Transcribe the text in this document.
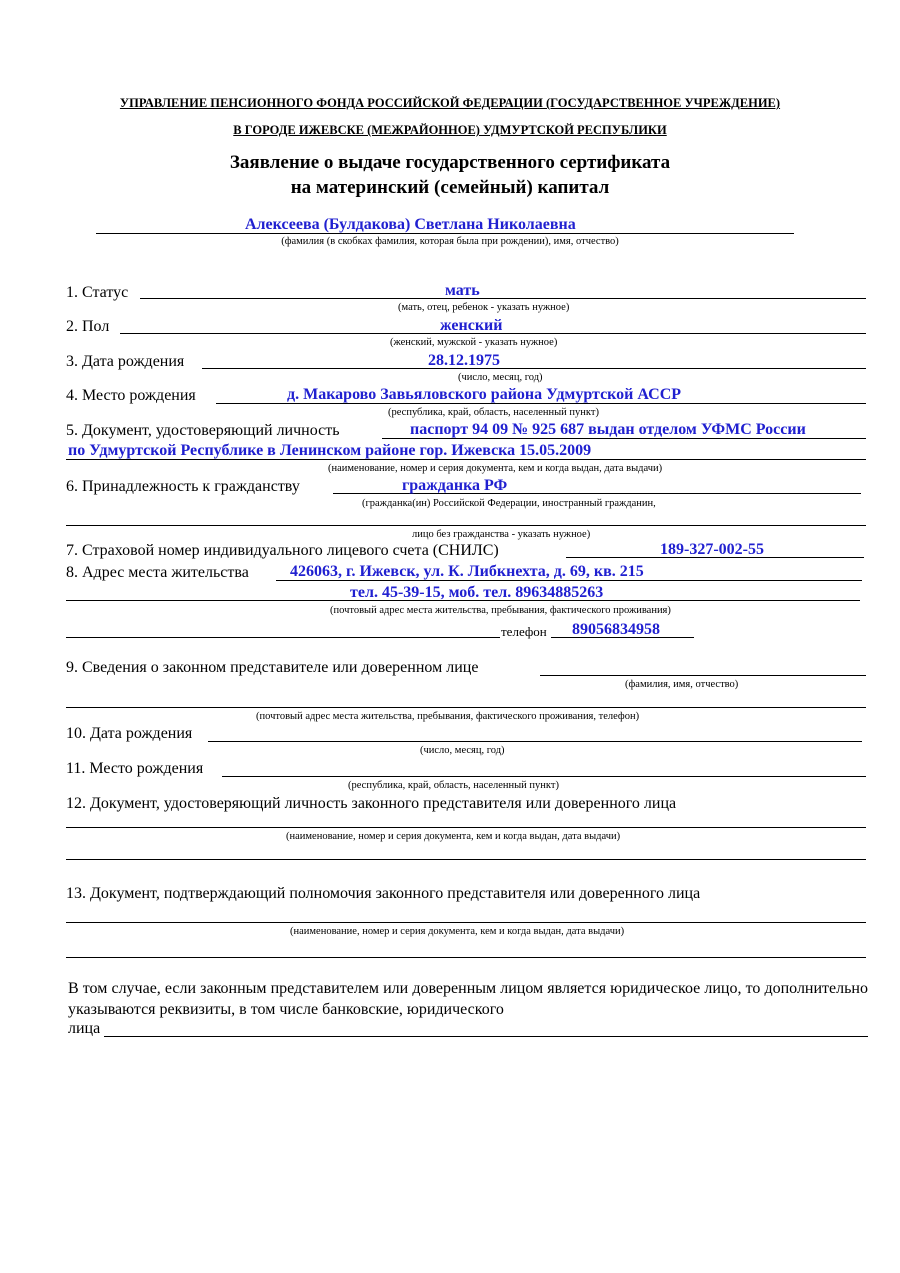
УПРАВЛЕНИЕ ПЕНСИОННОГО ФОНДА РОССИЙСКОЙ ФЕДЕРАЦИИ (ГОСУДАРСТВЕННОЕ УЧРЕЖДЕНИЕ)
В ГОРОДЕ ИЖЕВСКЕ (МЕЖРАЙОННОЕ) УДМУРТСКОЙ РЕСПУБЛИКИ
Заявление о выдаче государственного сертификата
на материнский (семейный) капитал
Алексеева (Булдакова) Светлана Николаевна
(фамилия (в скобках фамилия, которая была при рождении), имя, отчество)
1. Статус	мать
(мать, отец, ребенок - указать нужное)
2. Пол	женский
(женский, мужской - указать нужное)
3. Дата рождения	28.12.1975
(число, месяц, год)
4. Место рождения	д. Макарово Завьяловского района Удмуртской АССР
(республика, край, область, населенный пункт)
5. Документ, удостоверяющий личность	паспорт 94 09 № 925 687 выдан отделом УФМС России
по Удмуртской Республике в Ленинском районе гор. Ижевска 15.05.2009
(наименование, номер и серия документа, кем и когда выдан, дата выдачи)
6. Принадлежность к гражданству	гражданка РФ
(гражданка(ин) Российской Федерации, иностранный гражданин,
лицо без гражданства - указать нужное)
7. Страховой номер индивидуального лицевого счета (СНИЛС)	189-327-002-55
8. Адрес места жительства	426063, г. Ижевск, ул. К. Либкнехта, д. 69, кв. 215
тел. 45-39-15, моб. тел. 89634885263
(почтовый адрес места жительства, пребывания, фактического проживания)
телефон 89056834958
9. Сведения о законном представителе или доверенном лице
(фамилия, имя, отчество)
(почтовый адрес места жительства, пребывания, фактического проживания, телефон)
10. Дата рождения
(число, месяц, год)
11. Место рождения
(республика, край, область, населенный пункт)
12. Документ, удостоверяющий личность законного представителя или доверенного лица
(наименование, номер и серия документа, кем и когда выдан, дата выдачи)
13. Документ, подтверждающий полномочия законного представителя или доверенного лица
(наименование, номер и серия документа, кем и когда выдан, дата выдачи)
В том случае, если законным представителем или доверенным лицом является юридическое лицо, то дополнительно указываются реквизиты, в том числе банковские, юридического
лица
